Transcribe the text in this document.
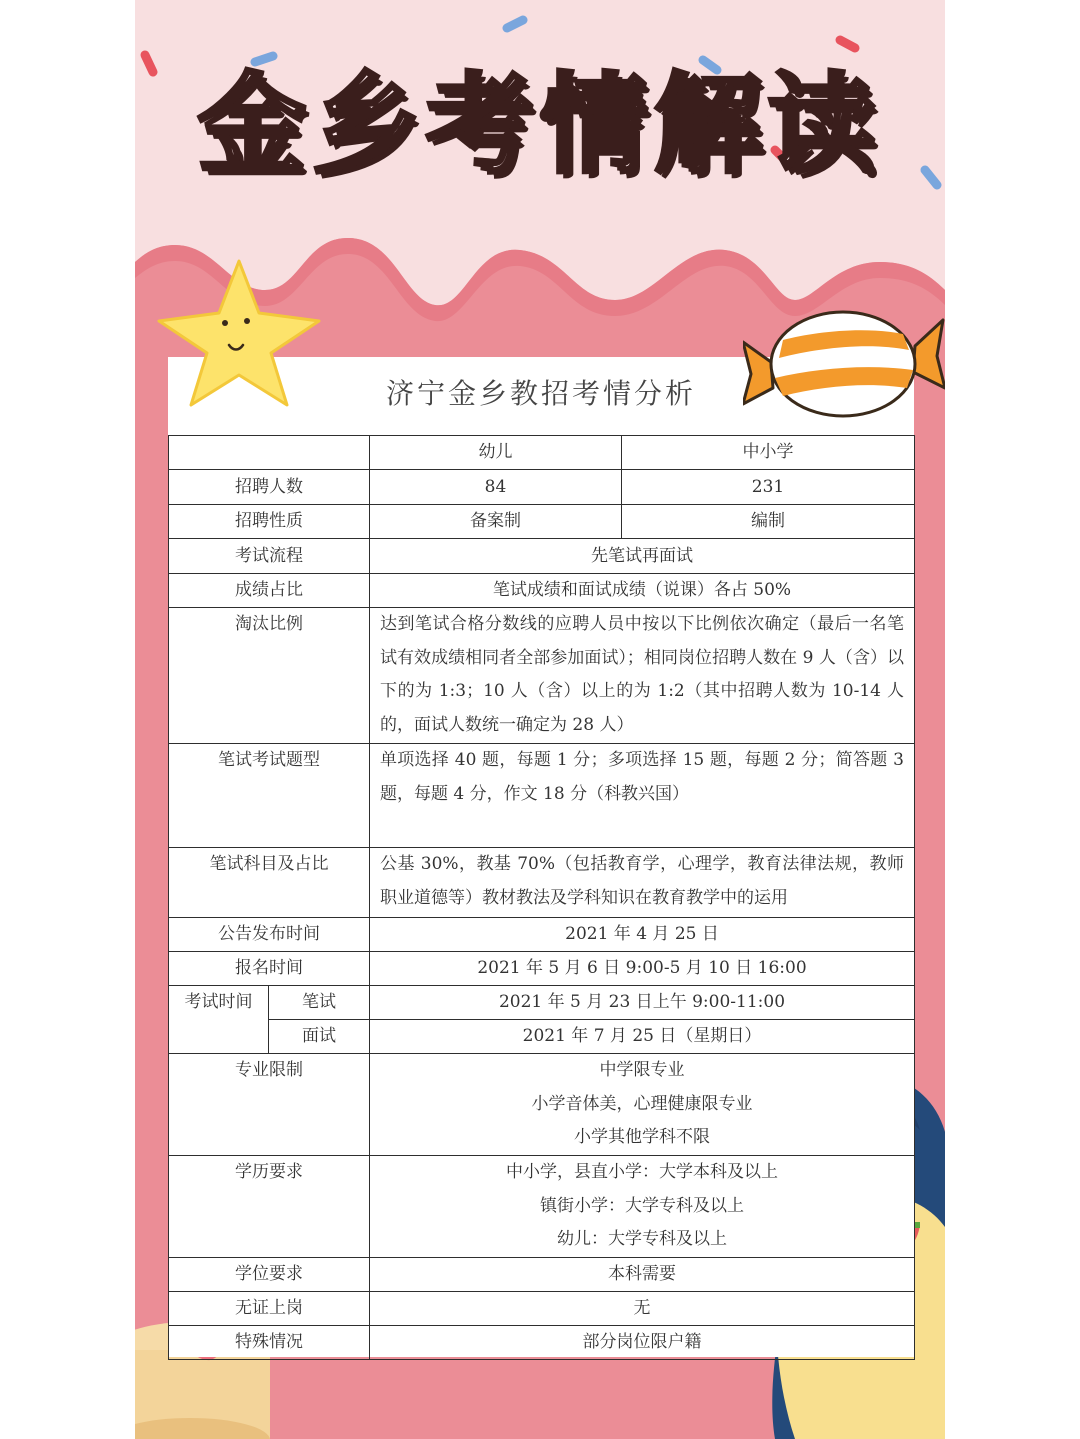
金乡考情解读
济宁金乡教招考情分析
		幼儿	中小学
招聘人数		84	231
招聘性质		备案制	编制
考试流程		先笔试再面试	
成绩占比		笔试成绩和面试成绩（说课）各占 50%	
淘汰比例		达到笔试合格分数线的应聘人员中按以下比例依次确定（最后一名笔试有效成绩相同者全部参加面试）；相同岗位招聘人数在 9 人（含）以下的为 1:3；10 人（含）以上的为 1:2（其中招聘人数为 10-14 人的，面试人数统一确定为 28 人）	
笔试考试题型		单项选择 40 题，每题 1 分；多项选择 15 题，每题 2 分；简答题 3 题，每题 4 分，作文 18 分（科教兴国）	
笔试科目及占比		公基 30%，教基 70%（包括教育学，心理学，教育法律法规，教师职业道德等）教材教法及学科知识在教育教学中的运用	
公告发布时间		2021 年 4 月 25 日	
报名时间		2021 年 5 月 6 日 9:00-5 月 10 日 16:00	
考试时间	笔试	2021 年 5 月 23 日上午 9:00-11:00	
	面试	2021 年 7 月 25 日（星期日）	
专业限制		中学限专业
小学音体美，心理健康限专业
小学其他学科不限	

学历要求		中小学，县直小学：大学本科及以上
镇街小学：大学专科及以上
幼儿：大学专科及以上	

学位要求		本科需要	
无证上岗		无	
特殊情况		部分岗位限户籍	
